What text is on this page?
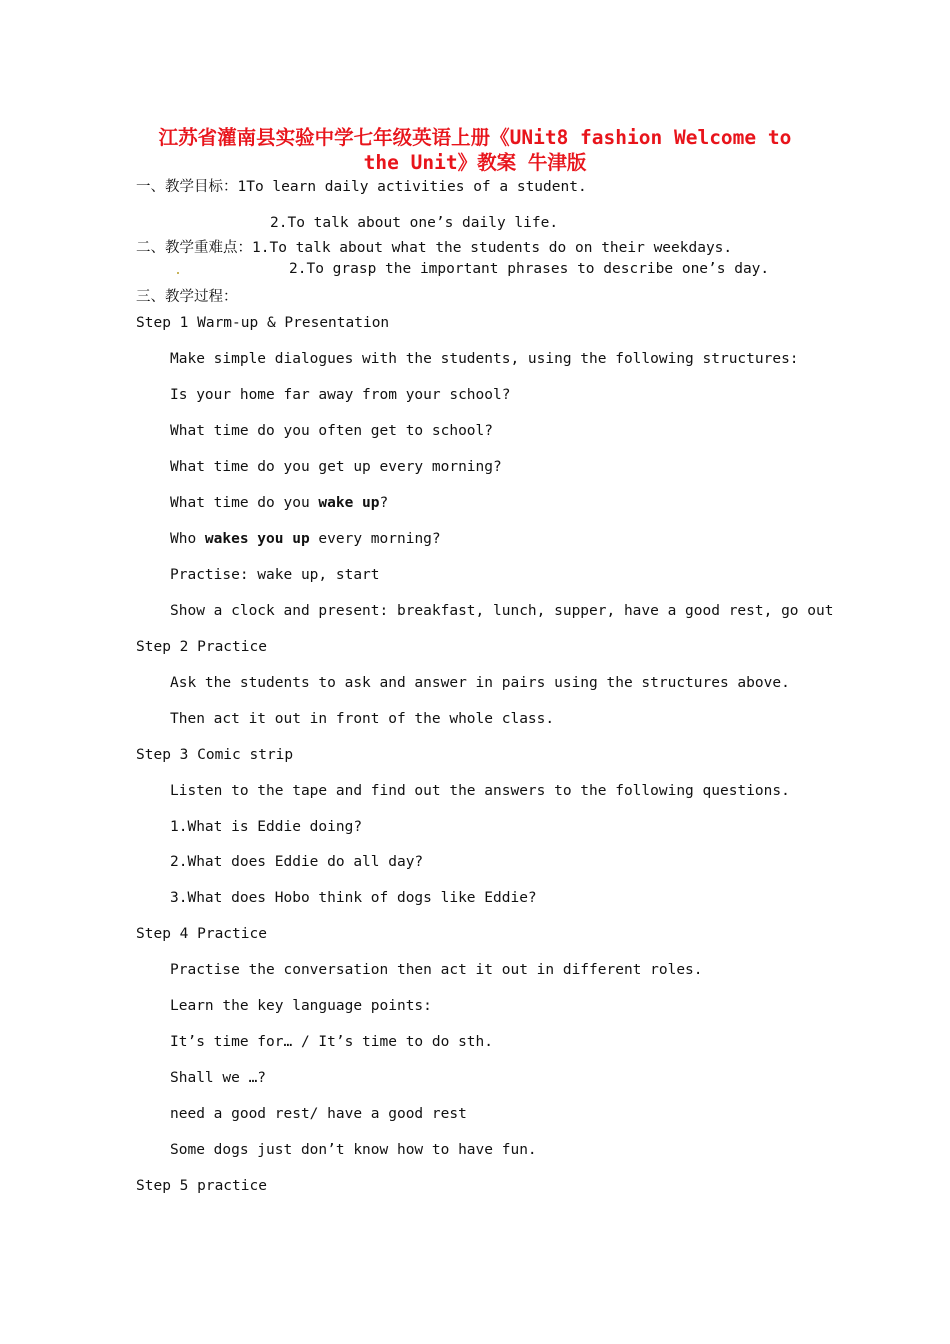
江苏省灌南县实验中学七年级英语上册《UNit8 fashion Welcome to
the Unit》教案 牛津版
一、教学目标：1To learn daily activities of a student.
2.To talk about one’s daily life.
二、教学重难点：1.To talk about what the students do on their weekdays.
2.To grasp the important phrases to describe one’s day.
三、教学过程：
Step 1 Warm-up & Presentation
Make simple dialogues with the students, using the following structures:
Is your home far away from your school?
What time do you often get to school?
What time do you get up every morning?
What time do you wake up?
Who wakes you up every morning?
Practise: wake up, start
Show a clock and present: breakfast, lunch, supper, have a good rest, go out
Step 2 Practice
Ask the students to ask and answer in pairs using the structures above.
Then act it out in front of the whole class.
Step 3 Comic strip
Listen to the tape and find out the answers to the following questions.
1.What is Eddie doing?
2.What does Eddie do all day?
3.What does Hobo think of dogs like Eddie?
Step 4 Practice
Practise the conversation then act it out in different roles.
Learn the key language points:
It’s time for… / It’s time to do sth.
Shall we …?
need a good rest/ have a good rest
Some dogs just don’t know how to have fun.
Step 5 practice
